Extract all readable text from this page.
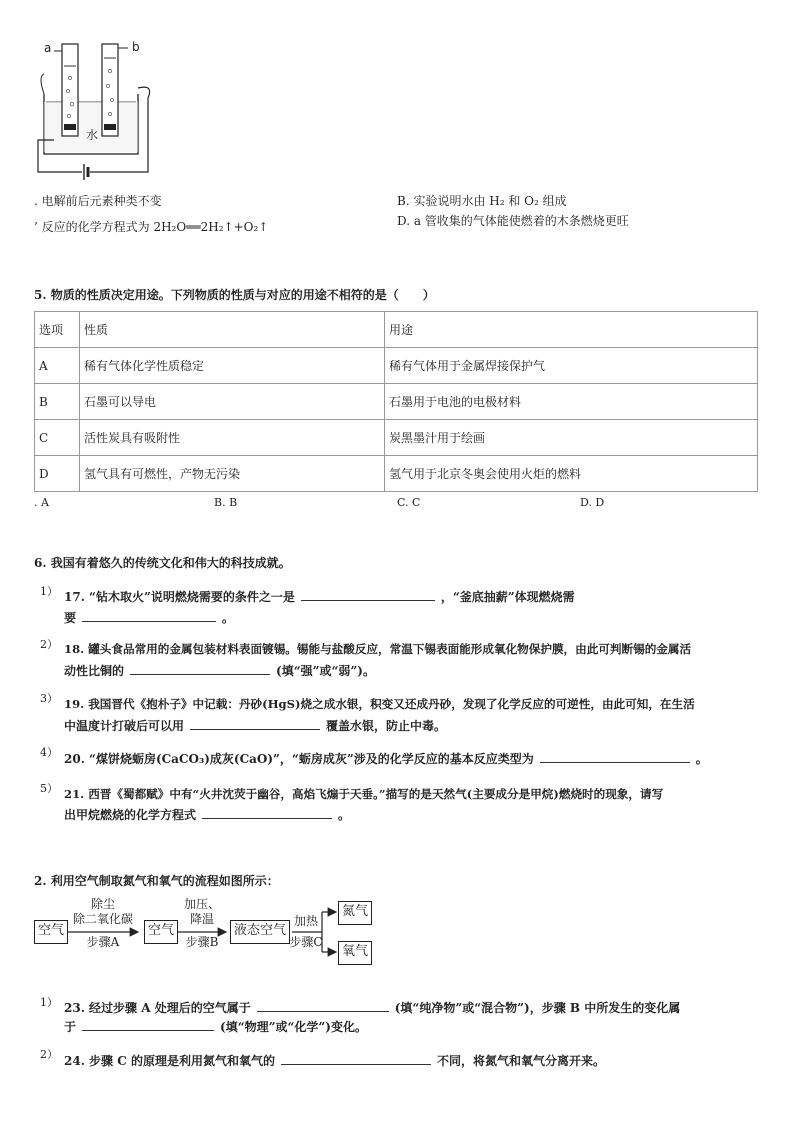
a	b
水
. 电解前后元素种类不变	B. 实验说明水由 H₂ 和 O₂ 组成
’ 反应的化学方程式为 2H₂O══2H₂↑+O₂↑	D. a 管收集的气体能使燃着的木条燃烧更旺
5. 物质的性质决定用途。下列物质的性质与对应的用途不相符的是（　　）
选项	性质	用途
A	稀有气体化学性质稳定	稀有气体用于金属焊接保护气
B	石墨可以导电	石墨用于电池的电极材料
C	活性炭具有吸附性	炭黑墨汁用于绘画
D	氢气具有可燃性，产物无污染	氢气用于北京冬奥会使用火炬的燃料
. A	B. B	C. C	D. D
6. 我国有着悠久的传统文化和伟大的科技成就。
1） 17. “钻木取火”说明燃烧需要的条件之一是	，“釜底抽薪”体现燃烧需
要	。
2） 18. 罐头食品常用的金属包装材料表面镀锡。锡能与盐酸反应，常温下锡表面能形成氧化物保护膜，由此可判断锡的金属活
动性比铜的	(填“强”或“弱”)。
3） 19. 我国晋代《抱朴子》中记载：丹砂(HgS)烧之成水银，积变又还成丹砂，发现了化学反应的可逆性，由此可知，在生活
中温度计打破后可以用	覆盖水银，防止中毒。
4） 20. “煤饼烧蛎房(CaCO₃)成灰(CaO)”，“蛎房成灰”涉及的化学反应的基本反应类型为	。
5） 21. 西晋《蜀都赋》中有“火井沈荧于幽谷，高焰飞煽于天垂。”描写的是天然气(主要成分是甲烷)燃烧时的现象，请写
出甲烷燃烧的化学方程式	。
2. 利用空气制取氮气和氧气的流程如图所示：
空气
除尘
除二氧化碳
步骤A
空气
加压、
降温
步骤B
液态空气
加热
步骤C
氮气
氧气
1） 23. 经过步骤 A 处理后的空气属于	(填“纯净物”或“混合物”)，步骤 B 中所发生的变化属
于	(填“物理”或“化学”)变化。
2） 24. 步骤 C 的原理是利用氮气和氧气的	不同，将氮气和氧气分离开来。
